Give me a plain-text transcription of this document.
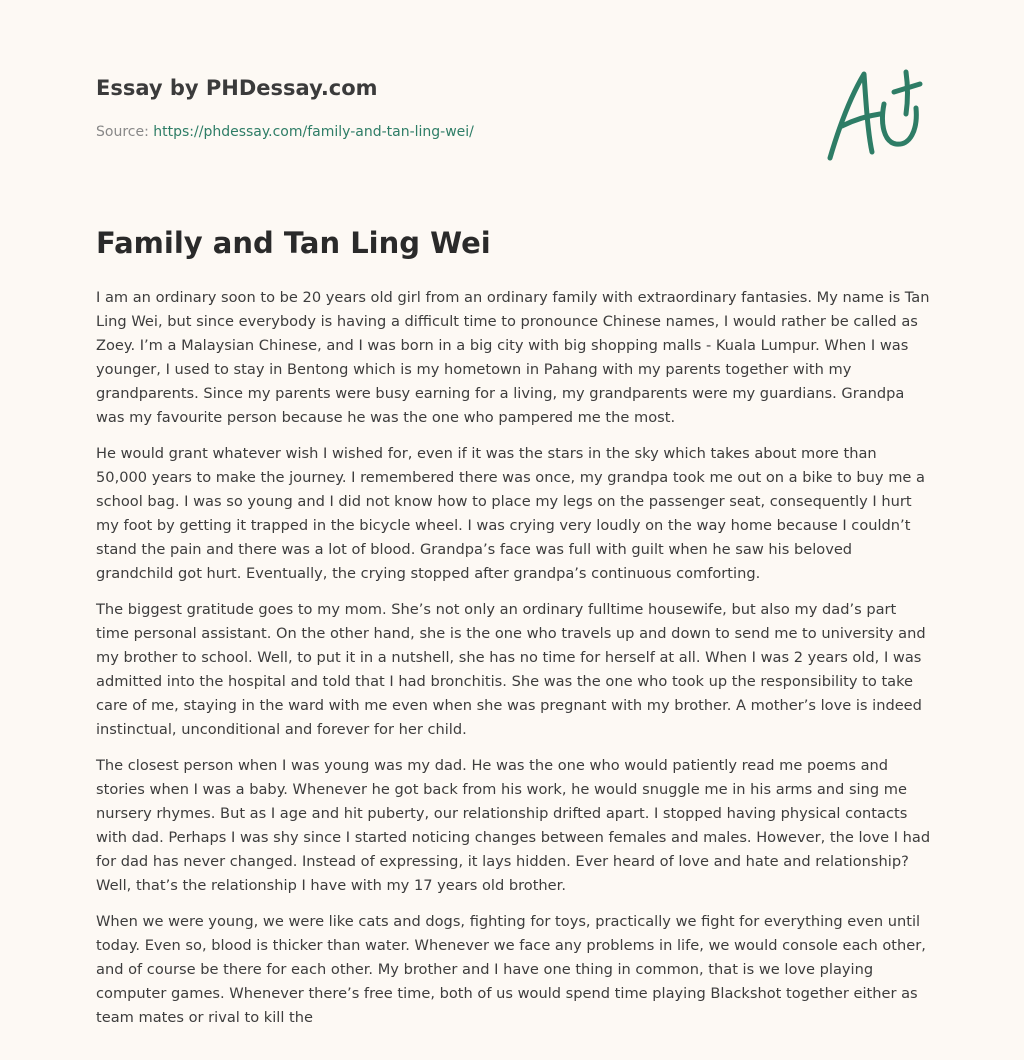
Essay by PHDessay.com
Source: https://phdessay.com/family-and-tan-ling-wei/
Family and Tan Ling Wei

I am an ordinary soon to be 20 years old girl from an ordinary family with extraordinary fantasies. My name is Tan Ling Wei, but since everybody is having a difficult time to pronounce Chinese names, I would rather be called as Zoey. I’m a Malaysian Chinese, and I was born in a big city with big shopping malls - Kuala Lumpur. When I was younger, I used to stay in Bentong which is my hometown in Pahang with my parents together with my grandparents. Since my parents were busy earning for a living, my grandparents were my guardians. Grandpa was my favourite person because he was the one who pampered me the most.

He would grant whatever wish I wished for, even if it was the stars in the sky which takes about more than 50,000 years to make the journey. I remembered there was once, my grandpa took me out on a bike to buy me a school bag. I was so young and I did not know how to place my legs on the passenger seat, consequently I hurt my foot by getting it trapped in the bicycle wheel. I was crying very loudly on the way home because I couldn’t stand the pain and there was a lot of blood. Grandpa’s face was full with guilt when he saw his beloved grandchild got hurt. Eventually, the crying stopped after grandpa’s continuous comforting.

The biggest gratitude goes to my mom. She’s not only an ordinary fulltime housewife, but also my dad’s part time personal assistant. On the other hand, she is the one who travels up and down to send me to university and my brother to school. Well, to put it in a nutshell, she has no time for herself at all. When I was 2 years old, I was admitted into the hospital and told that I had bronchitis. She was the one who took up the responsibility to take care of me, staying in the ward with me even when she was pregnant with my brother. A mother’s love is indeed instinctual, unconditional and forever for her child.

The closest person when I was young was my dad. He was the one who would patiently read me poems and stories when I was a baby. Whenever he got back from his work, he would snuggle me in his arms and sing me nursery rhymes. But as I age and hit puberty, our relationship drifted apart. I stopped having physical contacts with dad. Perhaps I was shy since I started noticing changes between females and males. However, the love I had for dad has never changed. Instead of expressing, it lays hidden. Ever heard of love and hate and relationship? Well, that’s the relationship I have with my 17 years old brother.

When we were young, we were like cats and dogs, fighting for toys, practically we fight for everything even until today. Even so, blood is thicker than water. Whenever we face any problems in life, we would console each other, and of course be there for each other. My brother and I have one thing in common, that is we love playing computer games. Whenever there’s free time, both of us would spend time playing Blackshot together either as team mates or rival to kill the
